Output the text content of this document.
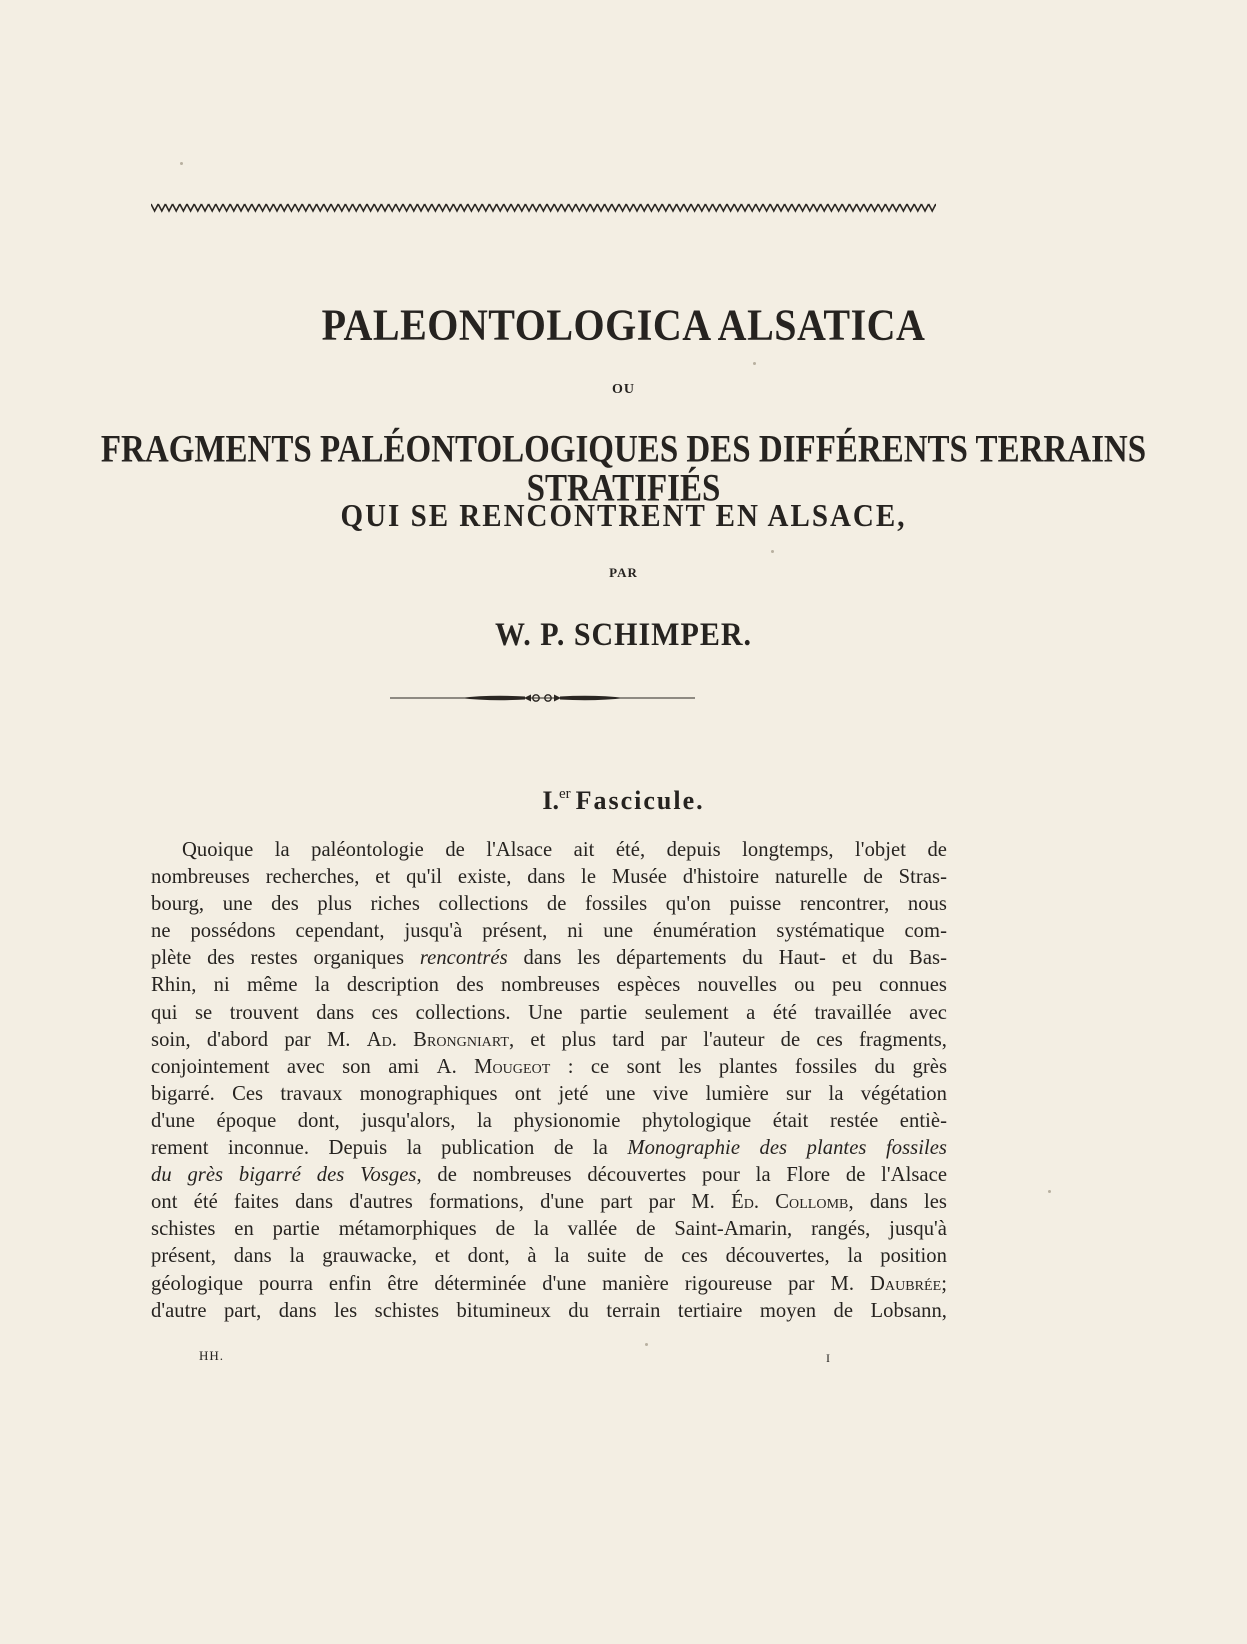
PALEONTOLOGICA ALSATICA
OU
FRAGMENTS PALÉONTOLOGIQUES DES DIFFÉRENTS TERRAINS STRATIFIÉS
QUI SE RENCONTRENT EN ALSACE,
PAR
W. P. SCHIMPER.
I.$^{er}$ Fascicule.
Quoique la paléontologie de l'Alsace ait été, depuis longtemps, l'objet de
nombreuses recherches, et qu'il existe, dans le Musée d'histoire naturelle de Stras-
bourg, une des plus riches collections de fossiles qu'on puisse rencontrer, nous
ne possédons cependant, jusqu'à présent, ni une énumération systématique com-
plète des restes organiques rencontrés dans les départements du Haut- et du Bas-
Rhin, ni même la description des nombreuses espèces nouvelles ou peu connues
qui se trouvent dans ces collections. Une partie seulement a été travaillée avec
soin, d'abord par M. Ad. Brongniart, et plus tard par l'auteur de ces fragments,
conjointement avec son ami A. Mougeot : ce sont les plantes fossiles du grès
bigarré. Ces travaux monographiques ont jeté une vive lumière sur la végétation
d'une époque dont, jusqu'alors, la physionomie phytologique était restée entiè-
rement inconnue. Depuis la publication de la Monographie des plantes fossiles
du grès bigarré des Vosges, de nombreuses découvertes pour la Flore de l'Alsace
ont été faites dans d'autres formations, d'une part par M. Éd. Collomb, dans les
schistes en partie métamorphiques de la vallée de Saint-Amarin, rangés, jusqu'à
présent, dans la grauwacke, et dont, à la suite de ces découvertes, la position
géologique pourra enfin être déterminée d'une manière rigoureuse par M. Daubrée;
d'autre part, dans les schistes bitumineux du terrain tertiaire moyen de Lobsann,
HH.	I
